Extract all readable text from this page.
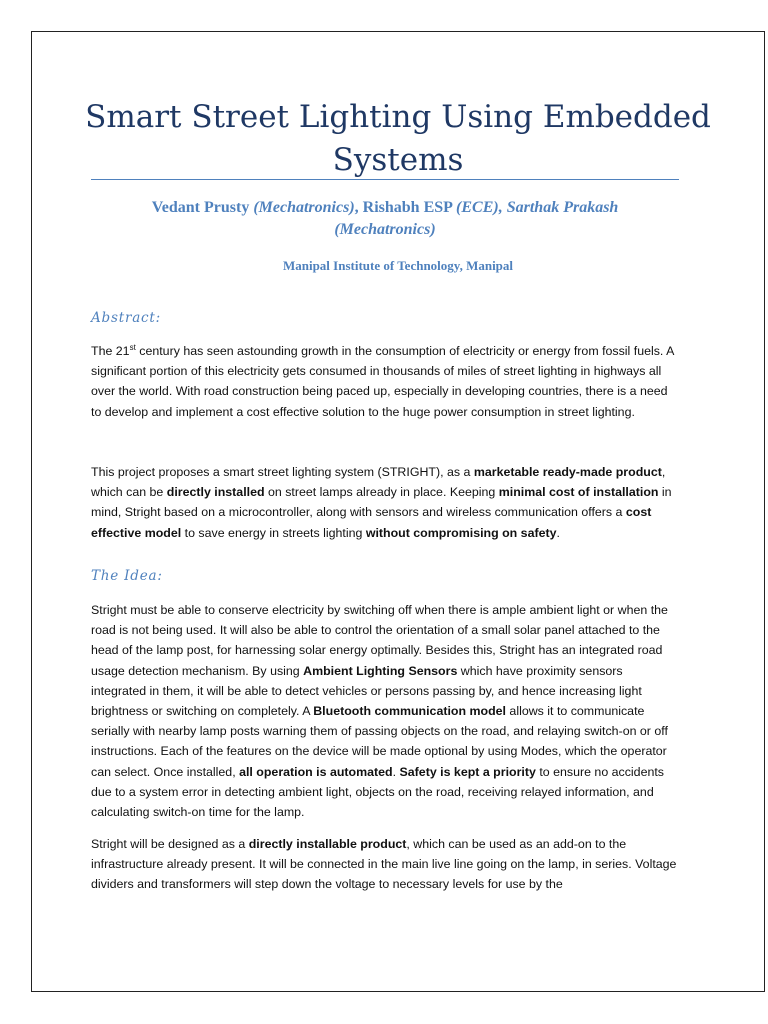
Smart Street Lighting Using Embedded Systems
Vedant Prusty (Mechatronics), Rishabh ESP (ECE), Sarthak Prakash (Mechatronics)
Manipal Institute of Technology, Manipal
Abstract:

The 21st century has seen astounding growth in the consumption of electricity or energy from fossil fuels. A significant portion of this electricity gets consumed in thousands of miles of street lighting in highways all over the world. With road construction being paced up, especially in developing countries, there is a need to develop and implement a cost effective solution to the huge power consumption in street lighting.

This project proposes a smart street lighting system (STRIGHT), as a marketable ready-made product, which can be directly installed on street lamps already in place. Keeping minimal cost of installation in mind, Stright based on a microcontroller, along with sensors and wireless communication offers a cost effective model to save energy in streets lighting without compromising on safety.

The Idea:

Stright must be able to conserve electricity by switching off when there is ample ambient light or when the road is not being used. It will also be able to control the orientation of a small solar panel attached to the head of the lamp post, for harnessing solar energy optimally. Besides this, Stright has an integrated road usage detection mechanism. By using Ambient Lighting Sensors which have proximity sensors integrated in them, it will be able to detect vehicles or persons passing by, and hence increasing light brightness or switching on completely. A Bluetooth communication model allows it to communicate serially with nearby lamp posts warning them of passing objects on the road, and relaying switch-on or off instructions. Each of the features on the device will be made optional by using Modes, which the operator can select. Once installed, all operation is automated. Safety is kept a priority to ensure no accidents due to a system error in detecting ambient light, objects on the road, receiving relayed information, and calculating switch-on time for the lamp.

Stright will be designed as a directly installable product, which can be used as an add-on to the infrastructure already present. It will be connected in the main live line going on the lamp, in series. Voltage dividers and transformers will step down the voltage to necessary levels for use by the
